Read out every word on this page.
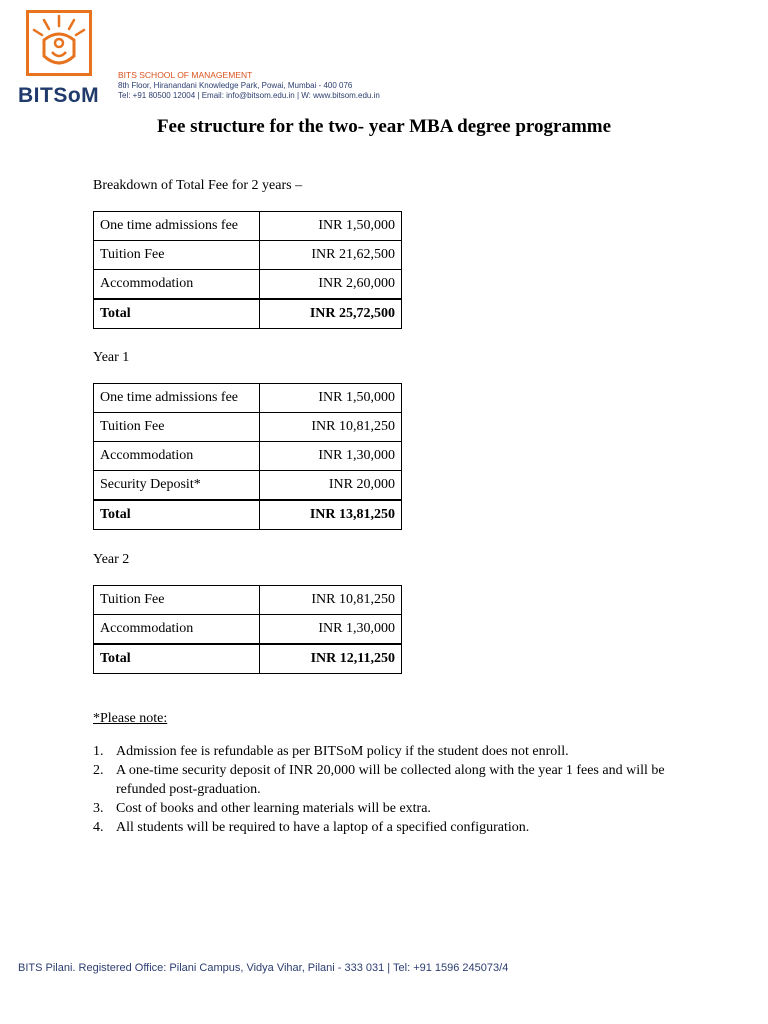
BITSoM
BITS SCHOOL OF MANAGEMENT
8th Floor, Hiranandani Knowledge Park, Powai, Mumbai - 400 076
Tel: +91 80500 12004 | Email: info@bitsom.edu.in | W: www.bitsom.edu.in
Fee structure for the two- year MBA degree programme
Breakdown of Total Fee for 2 years –
One time admissions fee	INR 1,50,000
Tuition Fee	INR 21,62,500
Accommodation	INR 2,60,000
Total	INR 25,72,500
Year 1
One time admissions fee	INR 1,50,000
Tuition Fee	INR 10,81,250
Accommodation	INR 1,30,000
Security Deposit*	INR 20,000
Total	INR 13,81,250
Year 2
Tuition Fee	INR 10,81,250
Accommodation	INR 1,30,000
Total	INR 12,11,250
*Please note:
1. Admission fee is refundable as per BITSoM policy if the student does not enroll.
2. A one-time security deposit of INR 20,000 will be collected along with the year 1 fees and will be refunded post-graduation.
3. Cost of books and other learning materials will be extra.
4. All students will be required to have a laptop of a specified configuration.
BITS Pilani. Registered Office: Pilani Campus, Vidya Vihar, Pilani - 333 031 | Tel: +91 1596 245073/4
